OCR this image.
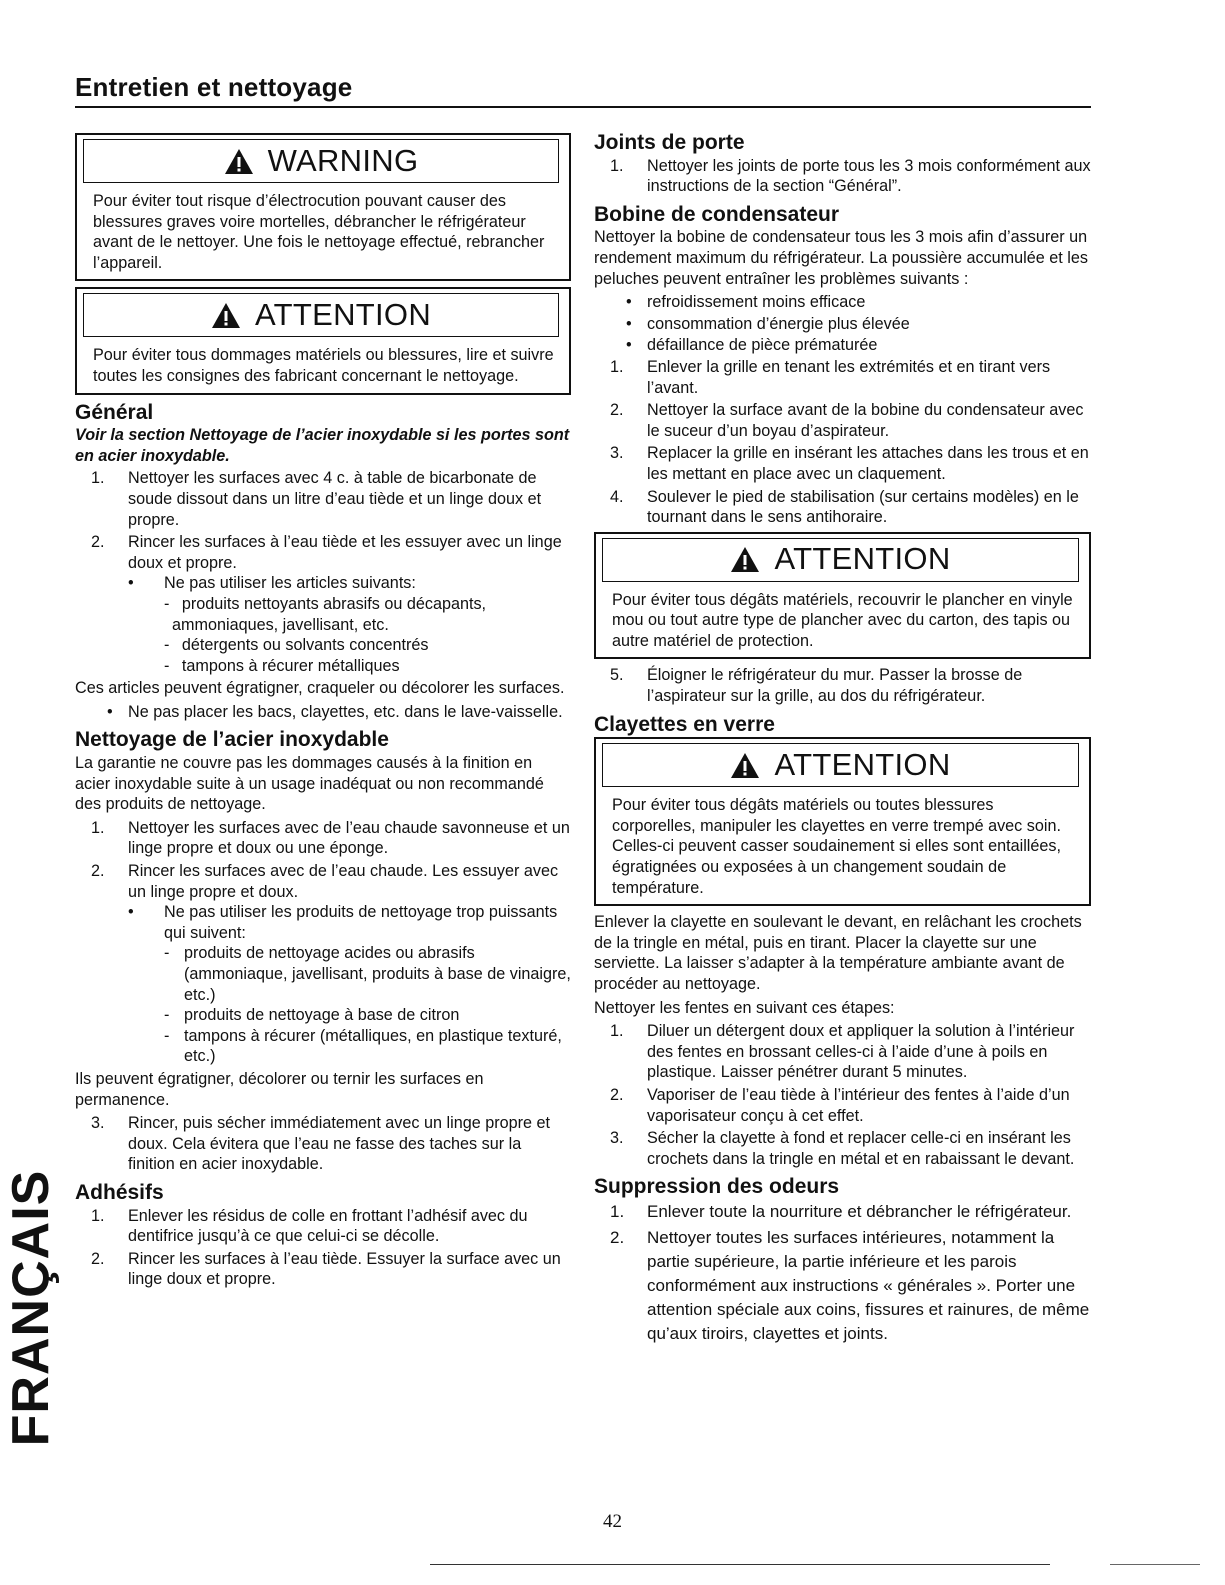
Entretien et nettoyage
WARNING

Pour éviter tout risque d’électrocution pouvant causer des blessures graves voire mortelles, débrancher le réfrigérateur avant de le nettoyer. Une fois le nettoyage effectué, rebrancher l’appareil.

ATTENTION

Pour éviter tous dommages matériels ou blessures, lire et suivre toutes les consignes des fabricant concernant le nettoyage.

Général

Voir la section Nettoyage de l’acier inoxydable si les portes sont en acier inoxydable.

1. Nettoyer les surfaces avec 4 c. à table de bicarbonate de soude dissout dans un litre d’eau tiède et un linge doux et propre.
2. Rincer les surfaces à l’eau tiède et les essuyer avec un linge doux et propre.
• Ne pas utiliser les articles suivants:
- produits nettoyants abrasifs ou décapants, ammoniaques, javellisant, etc.
- détergents ou solvants concentrés
- tampons à récurer métalliques

Ces articles peuvent égratigner, craqueler ou décolorer les surfaces.

• Ne pas placer les bacs, clayettes, etc. dans le lave-vaisselle.
Nettoyage de l’acier inoxydable

La garantie ne couvre pas les dommages causés à la finition en acier inoxydable suite à un usage inadéquat ou non recommandé des produits de nettoyage.

1. Nettoyer les surfaces avec de l’eau chaude savonneuse et un linge propre et doux ou une éponge.
2. Rincer les surfaces avec de l’eau chaude. Les essuyer avec un linge propre et doux.
• Ne pas utiliser les produits de nettoyage trop puissants qui suivent:
- produits de nettoyage acides ou abrasifs (ammoniaque, javellisant, produits à base de vinaigre, etc.)
- produits de nettoyage à base de citron
- tampons à récurer (métalliques, en plastique texturé, etc.)

Ils peuvent égratigner, décolorer ou ternir les surfaces en permanence.

3. Rincer, puis sécher immédiatement avec un linge propre et doux. Cela évitera que l’eau ne fasse des taches sur la finition en acier inoxydable.
Adhésifs
1. Enlever les résidus de colle en frottant l’adhésif avec du dentifrice jusqu’à ce que celui-ci se décolle.
2. Rincer les surfaces à l’eau tiède. Essuyer la surface avec un linge doux et propre.
Joints de porte
1. Nettoyer les joints de porte tous les 3 mois conformément aux instructions de la section “Général”.
Bobine de condensateur

Nettoyer la bobine de condensateur tous les 3 mois afin d’assurer un rendement maximum du réfrigérateur. La poussière accumulée et les peluches peuvent entraîner les problèmes suivants :

• refroidissement moins efficace
• consommation d’énergie plus élevée
• défaillance de pièce prématurée
1. Enlever la grille en tenant les extrémités et en tirant vers l’avant.
2. Nettoyer la surface avant de la bobine du condensateur avec le suceur d’un boyau d’aspirateur.
3. Replacer la grille en insérant les attaches dans les trous et en les mettant en place avec un claquement.
4. Soulever le pied de stabilisation (sur certains modèles) en le tournant dans le sens antihoraire.
ATTENTION

Pour éviter tous dégâts matériels, recouvrir le plancher en vinyle mou ou tout autre type de plancher avec du carton, des tapis ou autre matériel de protection.

5. Éloigner le réfrigérateur du mur. Passer la brosse de l’aspirateur sur la grille, au dos du réfrigérateur.
Clayettes en verre
ATTENTION

Pour éviter tous dégâts matériels ou toutes blessures corporelles, manipuler les clayettes en verre trempé avec soin. Celles-ci peuvent casser soudainement si elles sont entaillées, égratignées ou exposées à un changement soudain de température.

Enlever la clayette en soulevant le devant, en relâchant les crochets de la tringle en métal, puis en tirant. Placer la clayette sur une serviette. La laisser s’adapter à la température ambiante avant de procéder au nettoyage.

Nettoyer les fentes en suivant ces étapes:

1. Diluer un détergent doux et appliquer la solution à l’intérieur des fentes en brossant celles-ci à l’aide d’une à poils en plastique. Laisser pénétrer durant 5 minutes.
2. Vaporiser de l’eau tiède à l’intérieur des fentes à l’aide d’un vaporisateur conçu à cet effet.
3. Sécher la clayette à fond et replacer celle-ci en insérant les crochets dans la tringle en métal et en rabaissant le devant.
Suppression des odeurs
1. Enlever toute la nourriture et débrancher le réfrigérateur.
2. Nettoyer toutes les surfaces intérieures, notamment la partie supérieure, la partie inférieure et les parois conformément aux instructions « générales ». Porter une attention spéciale aux coins, fissures et rainures, de même qu’aux tiroirs, clayettes et joints.
FRANÇAIS
42
